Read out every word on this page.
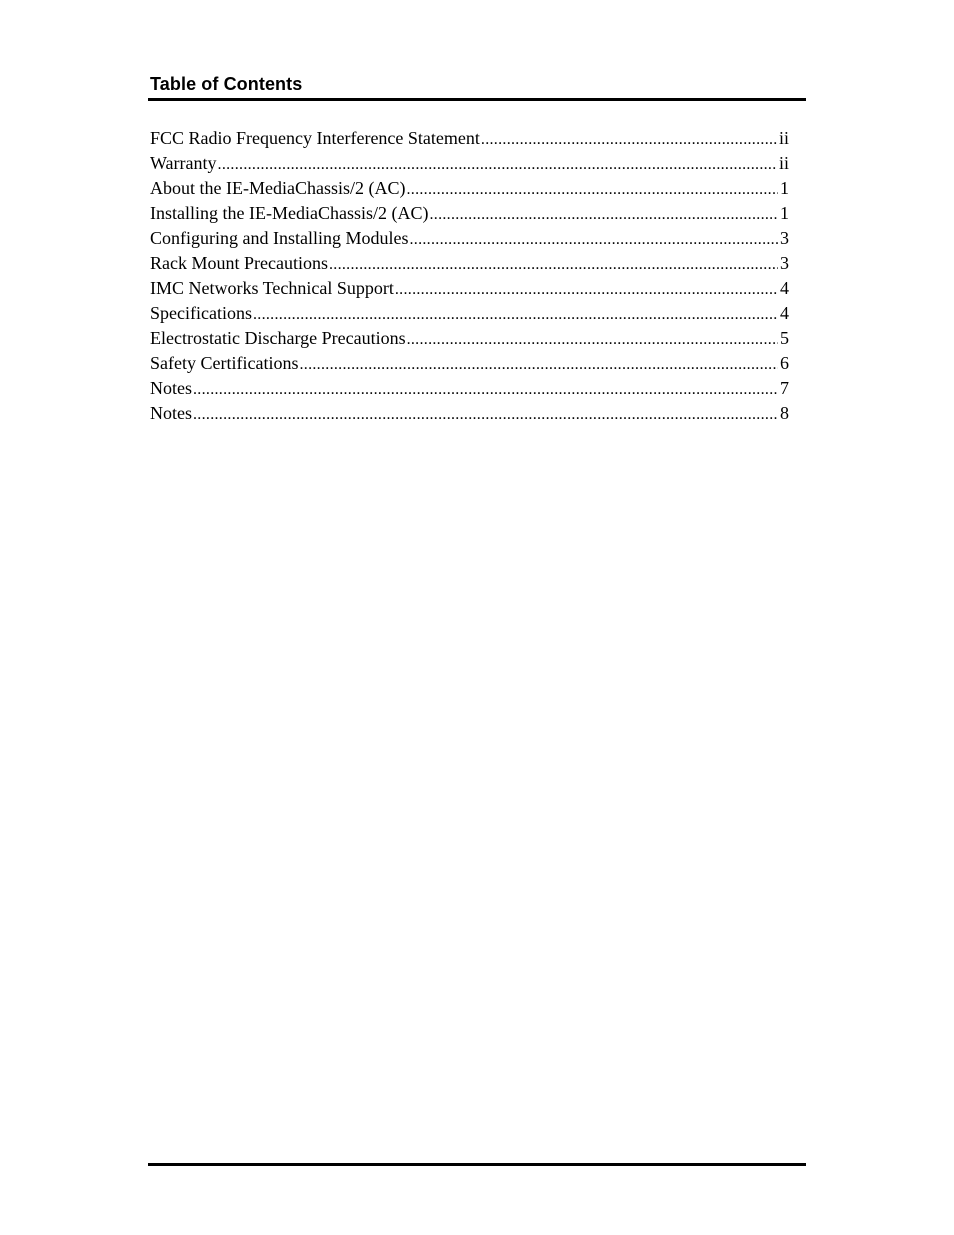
Table of Contents
FCC Radio Frequency Interference Statement .....	ii
Warranty .....	ii
About the IE-MediaChassis/2 (AC) .....	1
Installing the IE-MediaChassis/2 (AC) .....	1
Configuring and Installing Modules .....	3
Rack Mount Precautions .....	3
IMC Networks Technical Support .....	4
Specifications .....	4
Electrostatic Discharge Precautions .....	5
Safety Certifications .....	6
Notes .....	7
Notes .....	8
